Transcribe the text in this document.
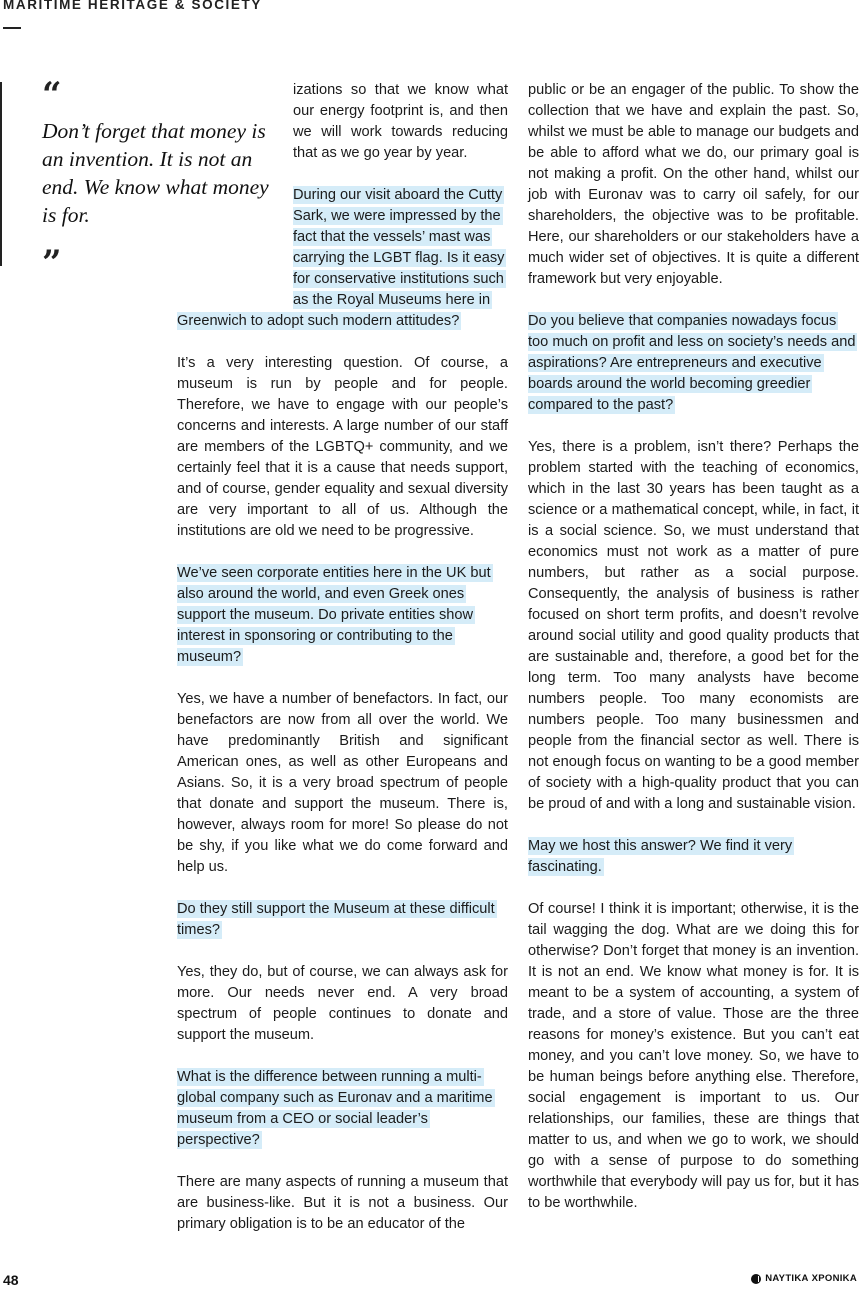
MARITIME HERITAGE & SOCIETY
“
Don’t forget that money is an invention. It is not an end. We know what money is for.
”

izations so that we know what our energy footprint is, and then we will work towards reducing that as we go year by year.

During our visit aboard the Cutty Sark, we were impressed by the fact that the vessels’ mast was carrying the LGBT flag. Is it easy for conservative institutions such as the Royal Museums here in Greenwich to adopt such modern attitudes?

It’s a very interesting question. Of course, a museum is run by people and for people. Therefore, we have to engage with our people’s concerns and interests. A large number of our staff are members of the LGBTQ+ community, and we certainly feel that it is a cause that needs support, and of course, gender equality and sexual diversity are very important to all of us. Although the institutions are old we need to be progressive.

We’ve seen corporate entities here in the UK but also around the world, and even Greek ones support the museum. Do private entities show interest in sponsoring or contributing to the museum?

Yes, we have a number of benefactors. In fact, our benefactors are now from all over the world. We have predominantly British and significant American ones, as well as other Europeans and Asians. So, it is a very broad spectrum of people that donate and support the museum. There is, however, always room for more! So please do not be shy, if you like what we do come forward and help us.

Do they still support the Museum at these difficult times?

Yes, they do, but of course, we can always ask for more. Our needs never end. A very broad spectrum of people continues to donate and support the museum.

What is the difference between running a multi-global company such as Euronav and a maritime museum from a CEO or social leader’s perspective?

There are many aspects of running a museum that are business-like. But it is not a business. Our primary obligation is to be an educator of the

public or be an engager of the public. To show the collection that we have and explain the past. So, whilst we must be able to manage our budgets and be able to afford what we do, our primary goal is not making a profit. On the other hand, whilst our job with Euronav was to carry oil safely, for our shareholders, the objective was to be profitable. Here, our shareholders or our stakeholders have a much wider set of objectives. It is quite a different framework but very enjoyable.

Do you believe that companies nowadays focus too much on profit and less on society’s needs and aspirations? Are entrepreneurs and executive boards around the world becoming greedier compared to the past?

Yes, there is a problem, isn’t there? Perhaps the problem started with the teaching of economics, which in the last 30 years has been taught as a science or a mathematical concept, while, in fact, it is a social science. So, we must understand that economics must not work as a matter of pure numbers, but rather as a social purpose. Consequently, the analysis of business is rather focused on short term profits, and doesn’t revolve around social utility and good quality products that are sustainable and, therefore, a good bet for the long term. Too many analysts have become numbers people. Too many economists are numbers people. Too many businessmen and people from the financial sector as well. There is not enough focus on wanting to be a good member of society with a high-quality product that you can be proud of and with a long and sustainable vision.

May we host this answer? We find it very fascinating.

Of course! I think it is important; otherwise, it is the tail wagging the dog. What are we doing this for otherwise? Don’t forget that money is an invention. It is not an end. We know what money is for. It is meant to be a system of accounting, a system of trade, and a store of value. Those are the three reasons for money’s existence. But you can’t eat money, and you can’t love money. So, we have to be human beings before anything else. Therefore, social engagement is important to us. Our relationships, our families, these are things that matter to us, and when we go to work, we should go with a sense of purpose to do something worthwhile that everybody will pay us for, but it has to be worthwhile.

48	ΝΑΥΤΙΚΑ ΧΡΟΝΙΚΑ
